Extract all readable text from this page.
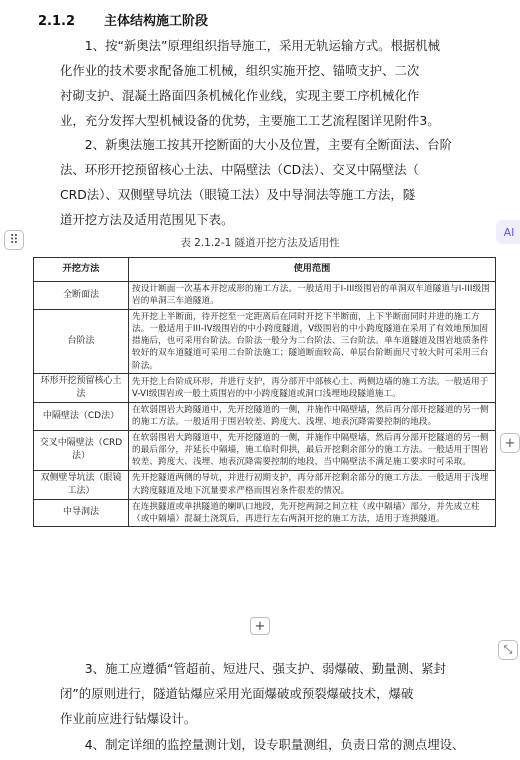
2.1.2 主体结构施工阶段
1、按“新奥法”原理组织指导施工，采用无轨运输方式。根据机械
化作业的技术要求配备施工机械，组织实施开挖、锚喷支护、二次
衬砌支护、混凝土路面四条机械化作业线，实现主要工序机械化作
业，充分发挥大型机械设备的优势，主要施工工艺流程图详见附件3。
2、新奥法施工按其开挖断面的大小及位置，主要有全断面法、台阶
法、环形开挖预留核心土法、中隔壁法（CD法）、交叉中隔壁法（
CRD法）、双侧壁导坑法（眼镜工法）及中导洞法等施工方法，隧
道开挖方法及适用范围见下表。
⠿
AI
表 2.1.2-1 隧道开挖方法及适用性
开挖方法	使用范围
全断面法	按设计断面一次基本开挖成形的施工方法。一般适用于I-III级围岩的单洞双车道隧道与I-III级围岩的单洞三车道隧道。
台阶法	先开挖上半断面，待开挖至一定距离后在同时开挖下半断面，上下半断面同时并进的施工方法。一般适用于III-IV级围岩的中小跨度隧道，V级围岩的中小跨度隧道在采用了有效地预加固措施后，也可采用台阶法。台阶法一般分为二台阶法、三台阶法。单车道隧道及围岩地质条件较好的双车道隧道可采用二台阶法施工；隧道断面较高、单层台阶断面尺寸较大时可采用三台阶法。
环形开挖预留核心土法	先开挖上台阶成环形，并进行支护，再分部开中部核心土、两侧边墙的施工方法。一般适用于V-VI级围岩或一般土质围岩的中小跨度隧道或洞口浅埋地段隧道施工。
中隔壁法（CD法）	在软弱围岩大跨隧道中，先开挖隧道的一侧，并施作中隔壁墙，然后再分部开挖隧道的另一侧的施工方法。一般适用于围岩较差、跨度大、浅埋、地表沉降需要控制的地段。
交叉中隔壁法（CRD法）	在软弱围岩大跨隧道中，先开挖隧道的一侧，并施作中隔壁墙，然后再分部开挖隧道的另一侧的最后部分，并延长中隔墙，施工临时仰拱，最后开挖剩余部分的施工方法。一般适用于围岩较差、跨度大、浅埋、地表沉降需要控制的地段，当中隔壁法不满足施工要求时可采取。
双侧壁导坑法（眼镜工法）	先开挖隧道两侧的导坑，并进行初期支护，再分部开挖剩余部分的施工方法。一般适用于浅埋大跨度隧道及地下沉量要求严格而围岩条件很差的情况。
中导洞法	在连拱隧道或单拱隧道的喇叭口地段，先开挖两洞之间立柱（或中隔墙）部分，并先成立柱（或中隔墙）混凝土浇筑后，再进行左右两洞开挖的施工方法，适用于连拱隧道。
+
+
⤡
3、施工应遵循“管超前、短进尺、强支护、弱爆破、勤量测、紧封
闭”的原则进行，隧道钻爆应采用光面爆破或预裂爆破技术，爆破
作业前应进行钻爆设计。
4、制定详细的监控量测计划，设专职量测组，负责日常的测点埋设、
